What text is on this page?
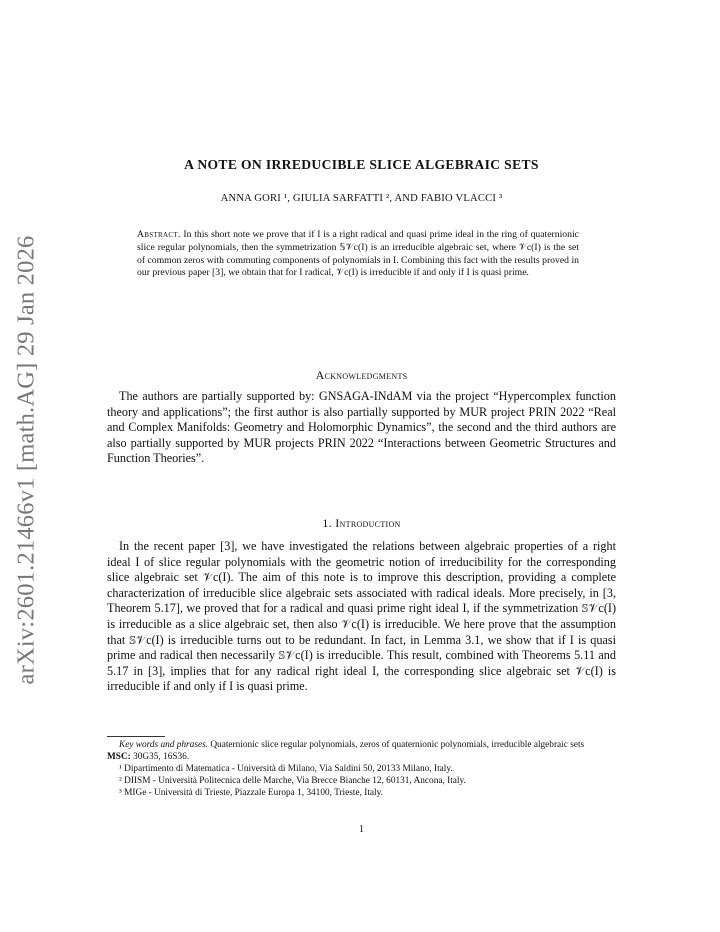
arXiv:2601.21466v1 [math.AG] 29 Jan 2026
A NOTE ON IRREDUCIBLE SLICE ALGEBRAIC SETS
ANNA GORI ¹, GIULIA SARFATTI ², AND FABIO VLACCI ³
Abstract. In this short note we prove that if I is a right radical and quasi prime ideal in the ring of quaternionic slice regular polynomials, then the symmetrization 𝕊𝒱c(I) is an irreducible algebraic set, where 𝒱c(I) is the set of common zeros with commuting components of polynomials in I. Combining this fact with the results proved in our previous paper [3], we obtain that for I radical, 𝒱c(I) is irreducible if and only if I is quasi prime.
Acknowledgments
The authors are partially supported by: GNSAGA-INdAM via the project “Hypercomplex function theory and applications”; the first author is also partially supported by MUR project PRIN 2022 “Real and Complex Manifolds: Geometry and Holomorphic Dynamics”, the second and the third authors are also partially supported by MUR projects PRIN 2022 “Interactions between Geometric Structures and Function Theories”.
1. Introduction
In the recent paper [3], we have investigated the relations between algebraic properties of a right ideal I of slice regular polynomials with the geometric notion of irreducibility for the corresponding slice algebraic set 𝒱c(I). The aim of this note is to improve this description, providing a complete characterization of irreducible slice algebraic sets associated with radical ideals. More precisely, in [3, Theorem 5.17], we proved that for a radical and quasi prime right ideal I, if the symmetrization 𝕊𝒱c(I) is irreducible as a slice algebraic set, then also 𝒱c(I) is irreducible. We here prove that the assumption that 𝕊𝒱c(I) is irreducible turns out to be redundant. In fact, in Lemma 3.1, we show that if I is quasi prime and radical then necessarily 𝕊𝒱c(I) is irreducible. This result, combined with Theorems 5.11 and 5.17 in [3], implies that for any radical right ideal I, the corresponding slice algebraic set 𝒱c(I) is irreducible if and only if I is quasi prime.

Key words and phrases. Quaternionic slice regular polynomials, zeros of quaternionic polynomials, irreducible algebraic sets

MSC: 30G35, 16S36.

¹ Dipartimento di Matematica - Università di Milano, Via Saldini 50, 20133 Milano, Italy.

² DIISM - Università Politecnica delle Marche, Via Brecce Bianche 12, 60131, Ancona, Italy.

³ MIGe - Università di Trieste, Piazzale Europa 1, 34100, Trieste, Italy.

1
